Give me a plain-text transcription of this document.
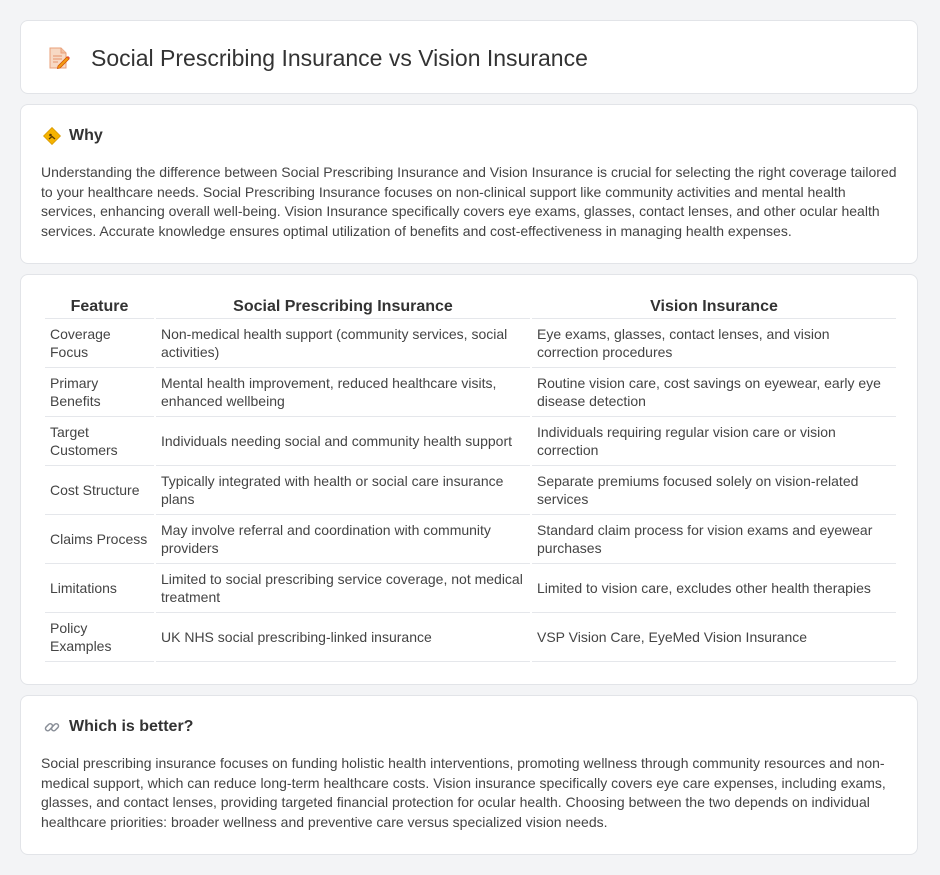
Social Prescribing Insurance vs Vision Insurance
Why

Understanding the difference between Social Prescribing Insurance and Vision Insurance is crucial for selecting the right coverage tailored to your healthcare needs. Social Prescribing Insurance focuses on non-clinical support like community activities and mental health services, enhancing overall well-being. Vision Insurance specifically covers eye exams, glasses, contact lenses, and other ocular health services. Accurate knowledge ensures optimal utilization of benefits and cost-effectiveness in managing health expenses.

Feature	Social Prescribing Insurance	Vision Insurance
Coverage Focus	Non-medical health support (community services, social activities)	Eye exams, glasses, contact lenses, and vision correction procedures
Primary Benefits	Mental health improvement, reduced healthcare visits, enhanced wellbeing	Routine vision care, cost savings on eyewear, early eye disease detection
Target Customers	Individuals needing social and community health support	Individuals requiring regular vision care or vision correction
Cost Structure	Typically integrated with health or social care insurance plans	Separate premiums focused solely on vision-related services
Claims Process	May involve referral and coordination with community providers	Standard claim process for vision exams and eyewear purchases
Limitations	Limited to social prescribing service coverage, not medical treatment	Limited to vision care, excludes other health therapies
Policy Examples	UK NHS social prescribing-linked insurance	VSP Vision Care, EyeMed Vision Insurance
Which is better?

Social prescribing insurance focuses on funding holistic health interventions, promoting wellness through community resources and non-medical support, which can reduce long-term healthcare costs. Vision insurance specifically covers eye care expenses, including exams, glasses, and contact lenses, providing targeted financial protection for ocular health. Choosing between the two depends on individual healthcare priorities: broader wellness and preventive care versus specialized vision needs.
